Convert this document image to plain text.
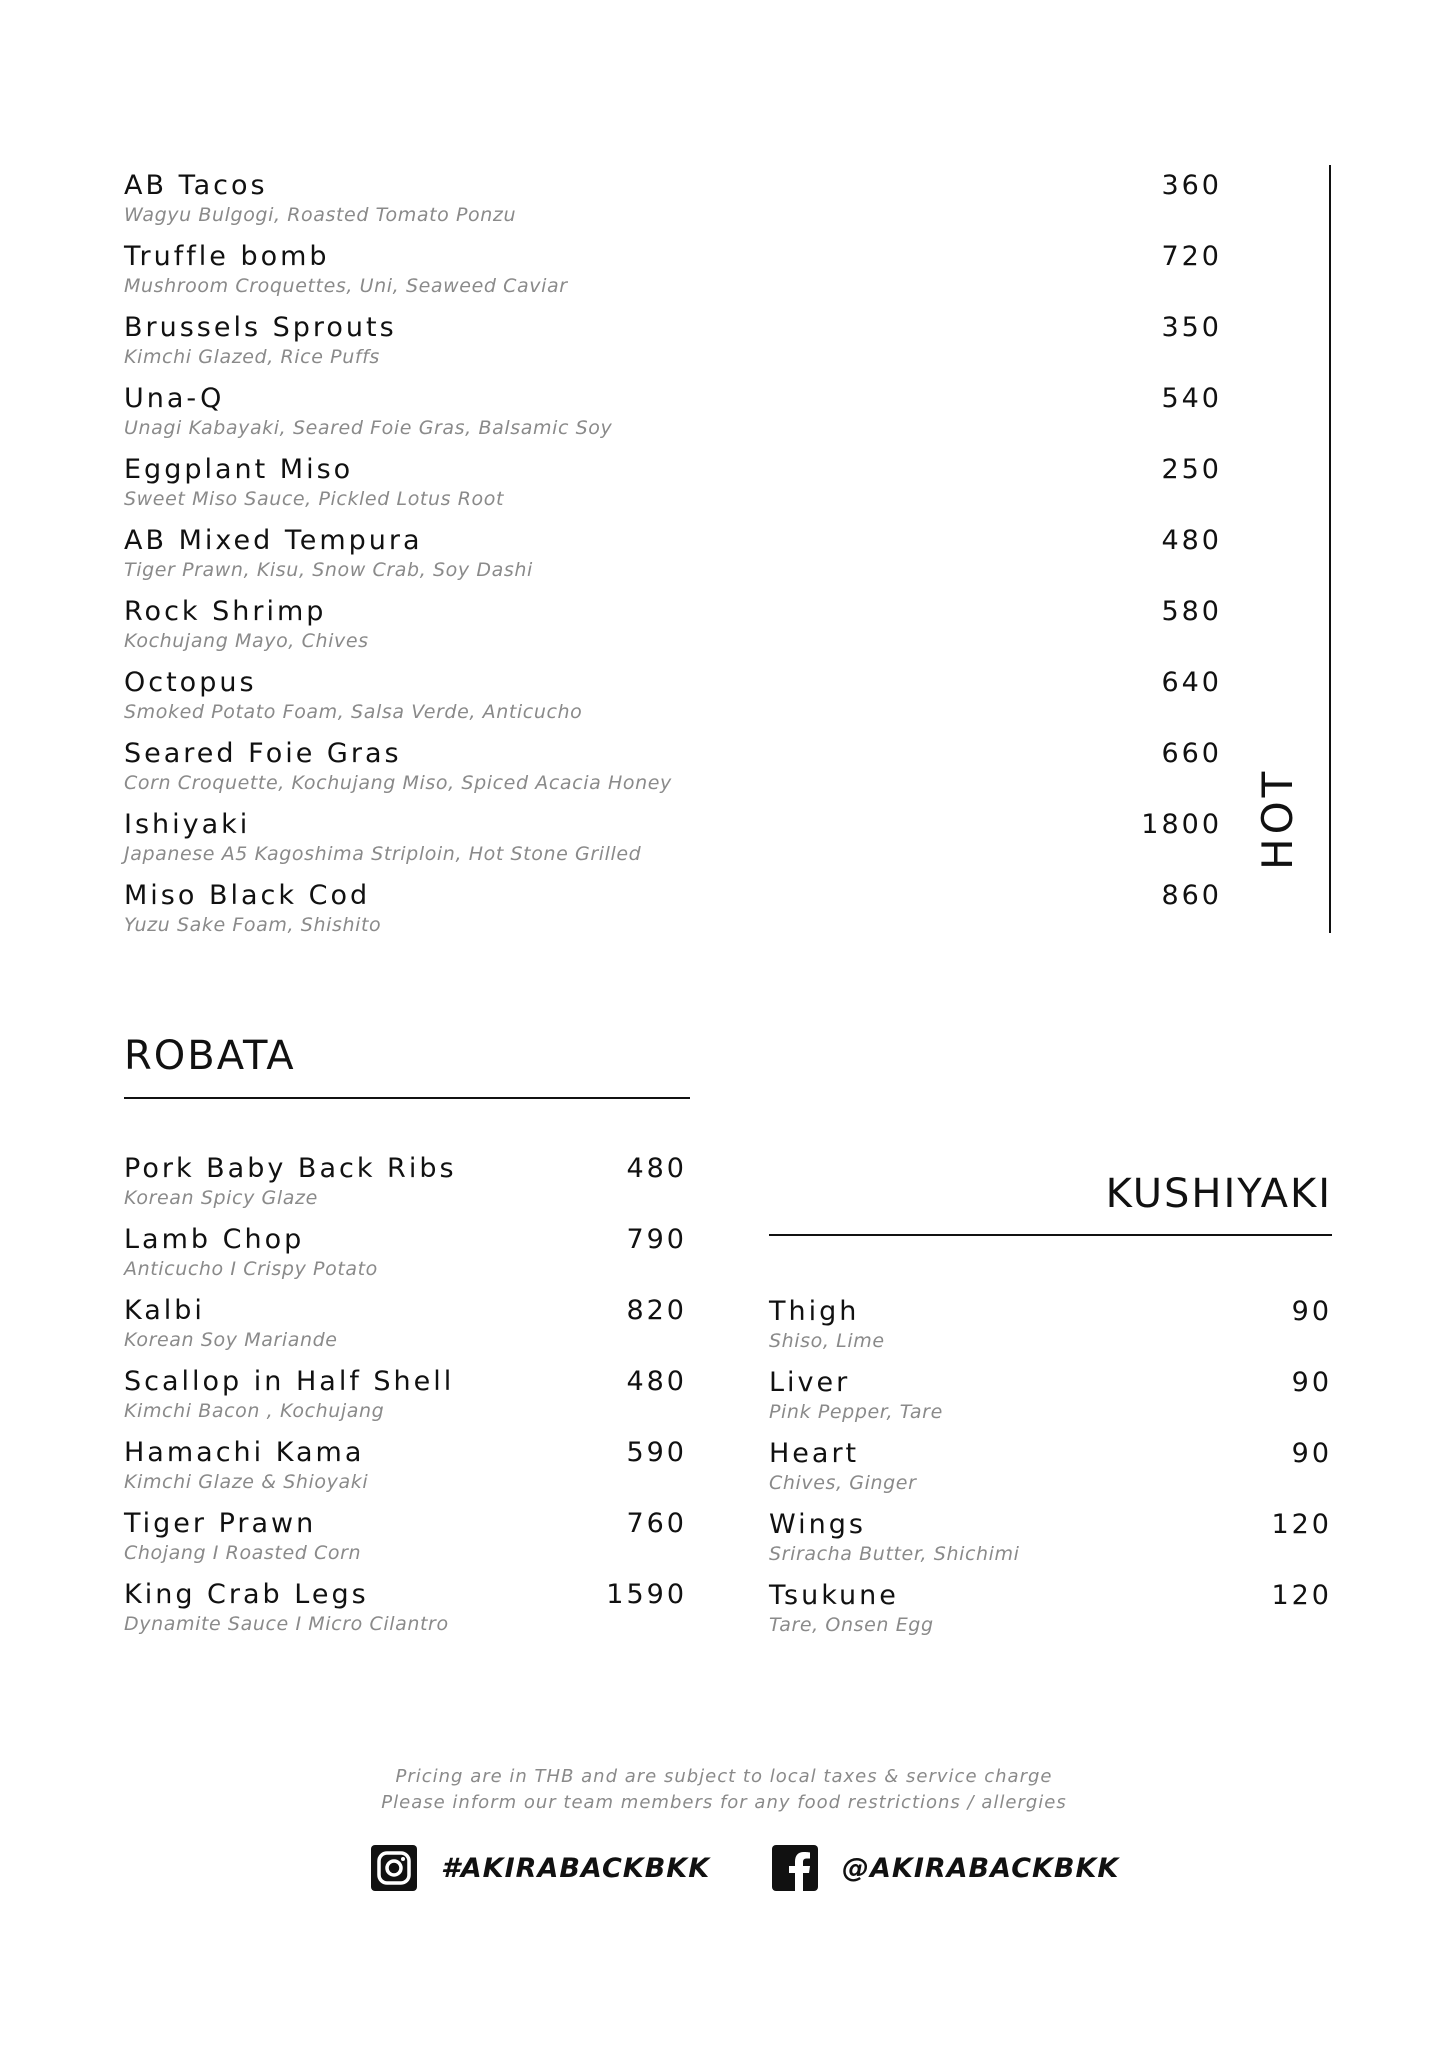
AB Tacos
Wagyu Bulgogi, Roasted Tomato Ponzu
360
Truffle bomb
Mushroom Croquettes, Uni, Seaweed Caviar
720
Brussels Sprouts
Kimchi Glazed, Rice Puffs
350
Una-Q
Unagi Kabayaki, Seared Foie Gras, Balsamic Soy
540
Eggplant Miso
Sweet Miso Sauce, Pickled Lotus Root
250
AB Mixed Tempura
Tiger Prawn, Kisu, Snow Crab, Soy Dashi
480
Rock Shrimp
Kochujang Mayo, Chives
580
Octopus
Smoked Potato Foam, Salsa Verde, Anticucho
640
Seared Foie Gras
Corn Croquette, Kochujang Miso, Spiced Acacia Honey
660
Ishiyaki
Japanese A5 Kagoshima Striploin, Hot Stone Grilled
1800
Miso Black Cod
Yuzu Sake Foam, Shishito
860
HOT
ROBATA
Pork Baby Back Ribs
Korean Spicy Glaze
480
Lamb Chop
Anticucho I Crispy Potato
790
Kalbi
Korean Soy Mariande
820
Scallop in Half Shell
Kimchi Bacon , Kochujang
480
Hamachi Kama
Kimchi Glaze & Shioyaki
590
Tiger Prawn
Chojang I Roasted Corn
760
King Crab Legs
Dynamite Sauce I Micro Cilantro
1590
KUSHIYAKI
Thigh
Shiso, Lime
90
Liver
Pink Pepper, Tare
90
Heart
Chives, Ginger
90
Wings
Sriracha Butter, Shichimi
120
Tsukune
Tare, Onsen Egg
120
Pricing are in THB and are subject to local taxes & service charge
Please inform our team members for any food restrictions / allergies
#AKIRABACKBKK	@AKIRABACKBKK
